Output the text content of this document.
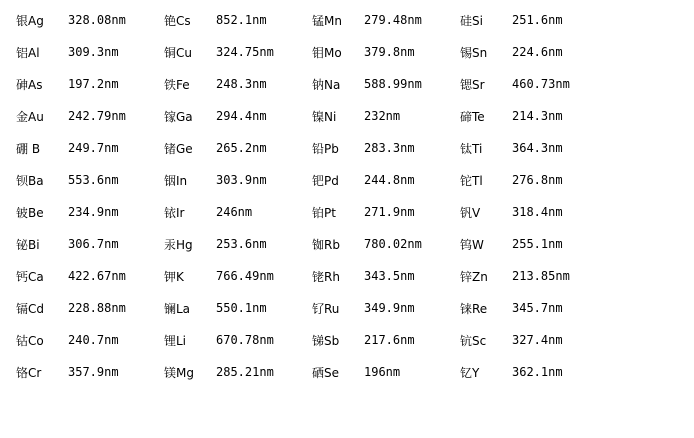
银Ag	328.08nm	铯Cs	852.1nm	锰Mn	279.48nm	硅Si	251.6nm
铝Al	309.3nm	铜Cu	324.75nm	钼Mo	379.8nm	锡Sn	224.6nm
砷As	197.2nm	铁Fe	248.3nm	钠Na	588.99nm	锶Sr	460.73nm
金Au	242.79nm	镓Ga	294.4nm	镍Ni	232nm	碲Te	214.3nm
硼 B	249.7nm	锗Ge	265.2nm	铅Pb	283.3nm	钛Ti	364.3nm
钡Ba	553.6nm	铟In	303.9nm	钯Pd	244.8nm	铊Tl	276.8nm
铍Be	234.9nm	铱Ir	246nm	铂Pt	271.9nm	钒V	318.4nm
铋Bi	306.7nm	汞Hg	253.6nm	铷Rb	780.02nm	钨W	255.1nm
钙Ca	422.67nm	钾K	766.49nm	铑Rh	343.5nm	锌Zn	213.85nm
镉Cd	228.88nm	镧La	550.1nm	钌Ru	349.9nm	铼Re	345.7nm
钴Co	240.7nm	锂Li	670.78nm	锑Sb	217.6nm	钪Sc	327.4nm
铬Cr	357.9nm	镁Mg	285.21nm	硒Se	196nm	钇Y	362.1nm
